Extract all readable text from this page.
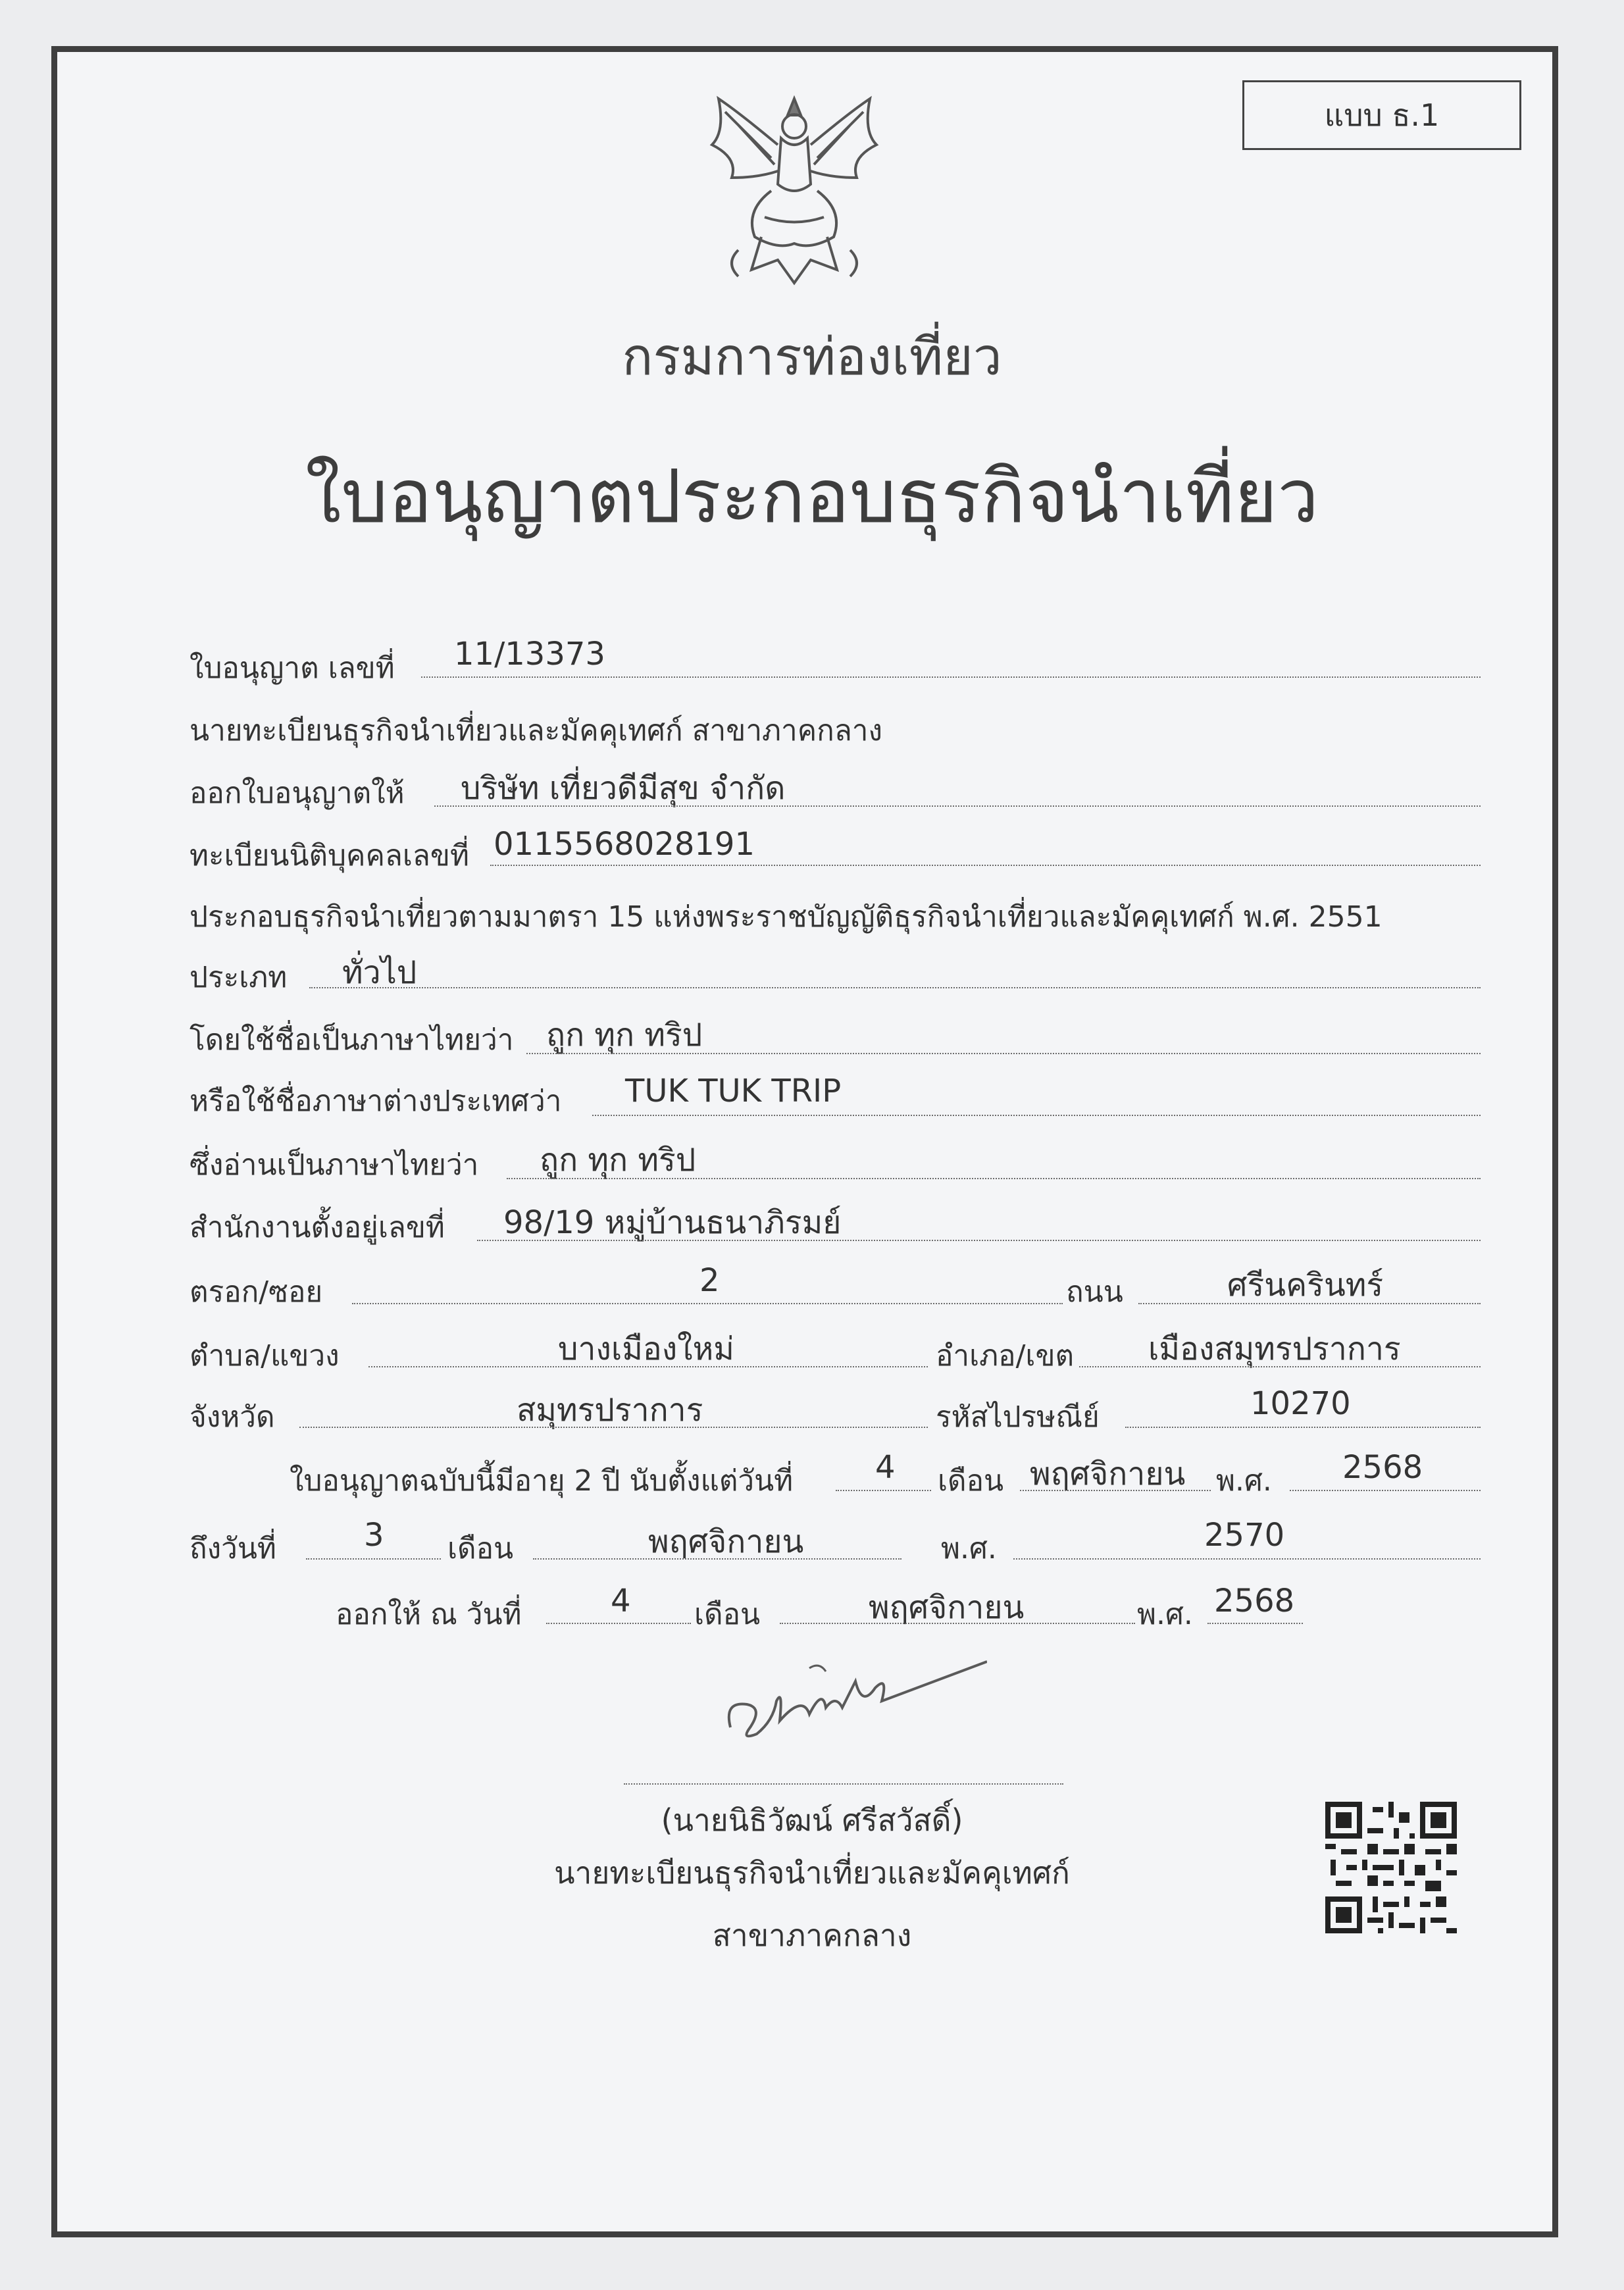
แบบ ธ.1
กรมการท่องเที่ยว
ใบอนุญาตประกอบธุรกิจนำเที่ยว
ใบอนุญาต เลขที่ 11/13373
นายทะเบียนธุรกิจนำเที่ยวและมัคคุเทศก์ สาขาภาคกลาง
ออกใบอนุญาตให้ บริษัท เที่ยวดีมีสุข จำกัด
ทะเบียนนิติบุคคลเลขที่ 0115568028191
ประกอบธุรกิจนำเที่ยวตามมาตรา 15 แห่งพระราชบัญญัติธุรกิจนำเที่ยวและมัคคุเทศก์ พ.ศ. 2551
ประเภท ทั่วไป
โดยใช้ชื่อเป็นภาษาไทยว่า ถูก ทุก ทริป
หรือใช้ชื่อภาษาต่างประเทศว่า TUK TUK TRIP
ซึ่งอ่านเป็นภาษาไทยว่า ถูก ทุก ทริป
สำนักงานตั้งอยู่เลขที่ 98/19 หมู่บ้านธนาภิรมย์
ตรอก/ซอย	2	ถนน	ศรีนครินทร์
ตำบล/แขวง	บางเมืองใหม่	อำเภอ/เขต เมืองสมุทรปราการ
จังหวัด	สมุทรปราการ	รหัสไปรษณีย์	10270
ใบอนุญาตฉบับนี้มีอายุ 2 ปี นับตั้งแต่วันที่	4 เดือน พฤศจิกายน พ.ศ. 2568
ถึงวันที่	3 เดือน	พฤศจิกายน	พ.ศ.	2570
ออกให้ ณ วันที่	4 เดือน	พฤศจิกายน	พ.ศ. 2568
(นายนิธิวัฒน์ ศรีสวัสดิ์)
นายทะเบียนธุรกิจนำเที่ยวและมัคคุเทศก์
สาขาภาคกลาง
